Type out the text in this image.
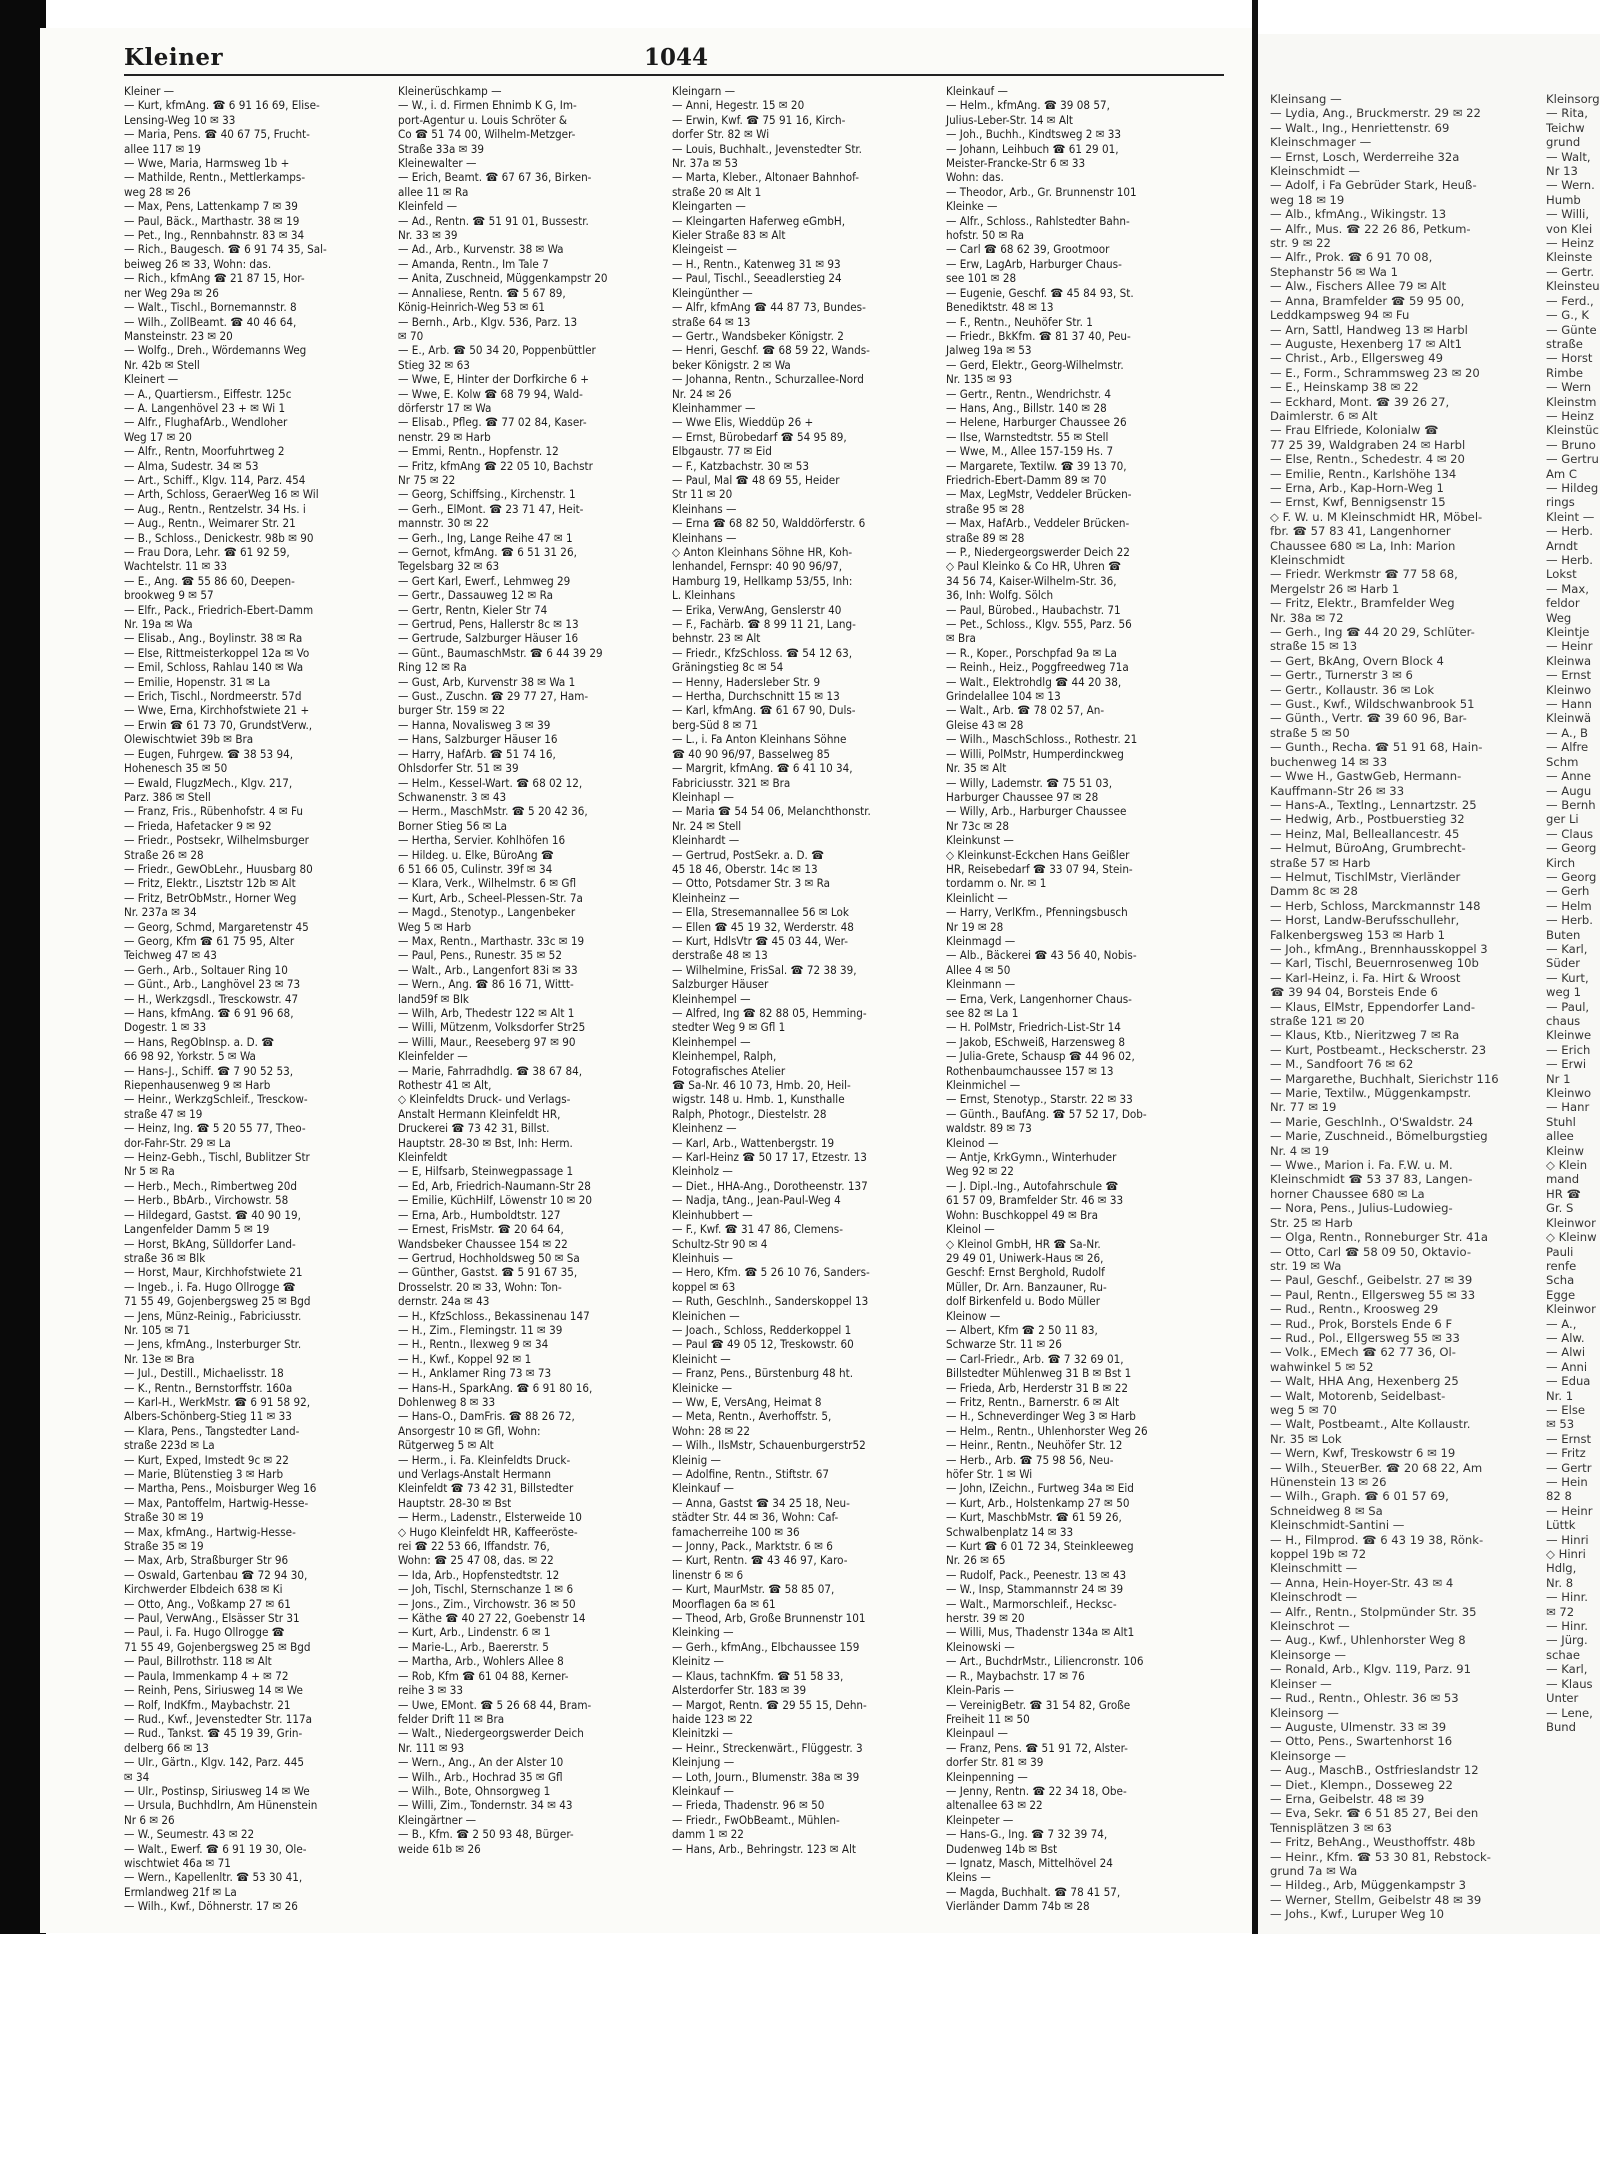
Kleiner	1044
Kleiner —
— Kurt, kfmAng. ☎ 6 91 16 69, Elise-
Lensing-Weg 10 ✉ 33
— Maria, Pens. ☎ 40 67 75, Frucht-
allee 117 ✉ 19
— Wwe, Maria, Harmsweg 1b +
— Mathilde, Rentn., Mettlerkamps-
weg 28 ✉ 26
— Max, Pens, Lattenkamp 7 ✉ 39
— Paul, Bäck., Marthastr. 38 ✉ 19
— Pet., Ing., Rennbahnstr. 83 ✉ 34
— Rich., Baugesch. ☎ 6 91 74 35, Sal-
beiweg 26 ✉ 33, Wohn: das.
— Rich., kfmAng ☎ 21 87 15, Hor-
ner Weg 29a ✉ 26
— Walt., Tischl., Bornemannstr. 8
— Wilh., ZollBeamt. ☎ 40 46 64,
Mansteinstr. 23 ✉ 20
— Wolfg., Dreh., Wördemanns Weg
Nr. 42b ✉ Stell
Kleinert —
— A., Quartiersm., Eiffestr. 125c
— A. Langenhövel 23 + ✉ Wi 1
— Alfr., FlughafArb., Wendloher
Weg 17 ✉ 20
— Alfr., Rentn, Moorfuhrtweg 2
— Alma, Sudestr. 34 ✉ 53
— Art., Schiff., Klgv. 114, Parz. 454
— Arth, Schloss, GeraerWeg 16 ✉ Wil
— Aug., Rentn., Rentzelstr. 34 Hs. i
— Aug., Rentn., Weimarer Str. 21
— B., Schloss., Denickestr. 98b ✉ 90
— Frau Dora, Lehr. ☎ 61 92 59,
Wachtelstr. 11 ✉ 33
— E., Ang. ☎ 55 86 60, Deepen-
brookweg 9 ✉ 57
— Elfr., Pack., Friedrich-Ebert-Damm
Nr. 19a ✉ Wa
— Elisab., Ang., Boylinstr. 38 ✉ Ra
— Else, Rittmeisterkoppel 12a ✉ Vo
— Emil, Schloss, Rahlau 140 ✉ Wa
— Emilie, Hopenstr. 31 ✉ La
— Erich, Tischl., Nordmeerstr. 57d
— Wwe, Erna, Kirchhofstwiete 21 +
— Erwin ☎ 61 73 70, GrundstVerw.,
Olewischtwiet 39b ✉ Bra
— Eugen, Fuhrgew. ☎ 38 53 94,
Hohenesch 35 ✉ 50
— Ewald, FlugzMech., Klgv. 217,
Parz. 386 ✉ Stell
— Franz, Fris., Rübenhofstr. 4 ✉ Fu
— Frieda, Hafetacker 9 ✉ 92
— Friedr., Postsekr, Wilhelmsburger
Straße 26 ✉ 28
— Friedr., GewObLehr., Huusbarg 80
— Fritz, Elektr., Lisztstr 12b ✉ Alt
— Fritz, BetrObMstr., Horner Weg
Nr. 237a ✉ 34
— Georg, Schmd, Margaretenstr 45
— Georg, Kfm ☎ 61 75 95, Alter
Teichweg 47 ✉ 43
— Gerh., Arb., Soltauer Ring 10
— Günt., Arb., Langhövel 23 ✉ 73
— H., Werkzgsdl., Tresckowstr. 47
— Hans, kfmAng. ☎ 6 91 96 68,
Dogestr. 1 ✉ 33
— Hans, RegObInsp. a. D. ☎
66 98 92, Yorkstr. 5 ✉ Wa
— Hans-J., Schiff. ☎ 7 90 52 53,
Riepenhausenweg 9 ✉ Harb
— Heinr., WerkzgSchleif., Tresckow-
straße 47 ✉ 19
— Heinz, Ing. ☎ 5 20 55 77, Theo-
dor-Fahr-Str. 29 ✉ La
— Heinz-Gebh., Tischl, Bublitzer Str
Nr 5 ✉ Ra
— Herb., Mech., Rimbertweg 20d
— Herb., BbArb., Virchowstr. 58
— Hildegard, Gastst. ☎ 40 90 19,
Langenfelder Damm 5 ✉ 19
— Horst, BkAng, Sülldorfer Land-
straße 36 ✉ Blk
— Horst, Maur, Kirchhofstwiete 21
— Ingeb., i. Fa. Hugo Ollrogge ☎
71 55 49, Gojenbergsweg 25 ✉ Bgd
— Jens, Münz-Reinig., Fabriciusstr.
Nr. 105 ✉ 71
— Jens, kfmAng., Insterburger Str.
Nr. 13e ✉ Bra
— Jul., Destill., Michaelisstr. 18
— K., Rentn., Bernstorffstr. 160a
— Karl-H., WerkMstr. ☎ 6 91 58 92,
Albers-Schönberg-Stieg 11 ✉ 33
— Klara, Pens., Tangstedter Land-
straße 223d ✉ La
— Kurt, Exped, Imstedt 9c ✉ 22
— Marie, Blütenstieg 3 ✉ Harb
— Martha, Pens., Moisburger Weg 16
— Max, Pantoffelm, Hartwig-Hesse-
Straße 30 ✉ 19
— Max, kfmAng., Hartwig-Hesse-
Straße 35 ✉ 19
— Max, Arb, Straßburger Str 96
— Oswald, Gartenbau ☎ 72 94 30,
Kirchwerder Elbdeich 638 ✉ Ki
— Otto, Ang., Voßkamp 27 ✉ 61
— Paul, VerwAng., Elsässer Str 31
— Paul, i. Fa. Hugo Ollrogge ☎
71 55 49, Gojenbergsweg 25 ✉ Bgd
— Paul, Billrothstr. 118 ✉ Alt
— Paula, Immenkamp 4 + ✉ 72
— Reinh, Pens, Siriusweg 14 ✉ We
— Rolf, IndKfm., Maybachstr. 21
— Rud., Kwf., Jevenstedter Str. 117a
— Rud., Tankst. ☎ 45 19 39, Grin-
delberg 66 ✉ 13
— Ulr., Gärtn., Klgv. 142, Parz. 445
✉ 34
— Ulr., Postinsp, Siriusweg 14 ✉ We
— Ursula, Buchhdlrn, Am Hünenstein
Nr 6 ✉ 26
— W., Seumestr. 43 ✉ 22
— Walt., Ewerf. ☎ 6 91 19 30, Ole-
wischtwiet 46a ✉ 71
— Wern., Kapellenltr. ☎ 53 30 41,
Ermlandweg 21f ✉ La
— Wilh., Kwf., Döhnerstr. 17 ✉ 26
Kleinerüschkamp —
— W., i. d. Firmen Ehnimb K G, Im-
port-Agentur u. Louis Schröter &
Co ☎ 51 74 00, Wilhelm-Metzger-
Straße 33a ✉ 39
Kleinewalter —
— Erich, Beamt. ☎ 67 67 36, Birken-
allee 11 ✉ Ra
Kleinfeld —
— Ad., Rentn. ☎ 51 91 01, Bussestr.
Nr. 33 ✉ 39
— Ad., Arb., Kurvenstr. 38 ✉ Wa
— Amanda, Rentn., Im Tale 7
— Anita, Zuschneid, Müggenkampstr 20
— Annaliese, Rentn. ☎ 5 67 89,
König-Heinrich-Weg 53 ✉ 61
— Bernh., Arb., Klgv. 536, Parz. 13
✉ 70
— E., Arb. ☎ 50 34 20, Poppenbüttler
Stieg 32 ✉ 63
— Wwe, E, Hinter der Dorfkirche 6 +
— Wwe, E. Kolw ☎ 68 79 94, Wald-
dörferstr 17 ✉ Wa
— Elisab., Pfleg. ☎ 77 02 84, Kaser-
nenstr. 29 ✉ Harb
— Emmi, Rentn., Hopfenstr. 12
— Fritz, kfmAng ☎ 22 05 10, Bachstr
Nr 75 ✉ 22
— Georg, Schiffsing., Kirchenstr. 1
— Gerh., ElMont. ☎ 23 71 47, Heit-
mannstr. 30 ✉ 22
— Gerh., Ing, Lange Reihe 47 ✉ 1
— Gernot, kfmAng. ☎ 6 51 31 26,
Tegelsbarg 32 ✉ 63
— Gert Karl, Ewerf., Lehmweg 29
— Gertr., Dassauweg 12 ✉ Ra
— Gertr, Rentn, Kieler Str 74
— Gertrud, Pens, Hallerstr 8c ✉ 13
— Gertrude, Salzburger Häuser 16
— Günt., BaumaschMstr. ☎ 6 44 39 29
Ring 12 ✉ Ra
— Gust, Arb, Kurvenstr 38 ✉ Wa 1
— Gust., Zuschn. ☎ 29 77 27, Ham-
burger Str. 159 ✉ 22
— Hanna, Novalisweg 3 ✉ 39
— Hans, Salzburger Häuser 16
— Harry, HafArb. ☎ 51 74 16,
Ohlsdorfer Str. 51 ✉ 39
— Helm., Kessel-Wart. ☎ 68 02 12,
Schwanenstr. 3 ✉ 43
— Herm., MaschMstr. ☎ 5 20 42 36,
Borner Stieg 56 ✉ La
— Hertha, Servier. Kohlhöfen 16
— Hildeg. u. Elke, BüroAng ☎
6 51 66 05, Culinstr. 39f ✉ 34
— Klara, Verk., Wilhelmstr. 6 ✉ Gfl
— Kurt, Arb., Scheel-Plessen-Str. 7a
— Magd., Stenotyp., Langenbeker
Weg 5 ✉ Harb
— Max, Rentn., Marthastr. 33c ✉ 19
— Paul, Pens., Runestr. 35 ✉ 52
— Walt., Arb., Langenfort 83i ✉ 33
— Wern., Ang. ☎ 86 16 71, Wittt-
land59f ✉ Blk
— Wilh, Arb, Thedestr 122 ✉ Alt 1
— Willi, Mützenm, Volksdorfer Str25
— Willi, Maur., Reeseberg 97 ✉ 90
Kleinfelder —
— Marie, Fahrradhdlg. ☎ 38 67 84,
Rothestr 41 ✉ Alt,
◇ Kleinfeldts Druck- und Verlags-
Anstalt Hermann Kleinfeldt HR,
Druckerei ☎ 73 42 31, Billst.
Hauptstr. 28-30 ✉ Bst, Inh: Herm.
Kleinfeldt
— E, Hilfsarb, Steinwegpassage 1
— Ed, Arb, Friedrich-Naumann-Str 28
— Emilie, KüchHilf, Löwenstr 10 ✉ 20
— Erna, Arb., Humboldtstr. 127
— Ernest, FrisMstr. ☎ 20 64 64,
Wandsbeker Chaussee 154 ✉ 22
— Gertrud, Hochholdsweg 50 ✉ Sa
— Günther, Gastst. ☎ 5 91 67 35,
Drosselstr. 20 ✉ 33, Wohn: Ton-
dernstr. 24a ✉ 43
— H., KfzSchloss., Bekassinenau 147
— H., Zim., Flemingstr. 11 ✉ 39
— H., Rentn., Ilexweg 9 ✉ 34
— H., Kwf., Koppel 92 ✉ 1
— H., Anklamer Ring 73 ✉ 73
— Hans-H., SparkAng. ☎ 6 91 80 16,
Dohlenweg 8 ✉ 33
— Hans-O., DamFris. ☎ 88 26 72,
Ansorgestr 10 ✉ Gfl, Wohn:
Rütgerweg 5 ✉ Alt
— Herm., i. Fa. Kleinfeldts Druck-
und Verlags-Anstalt Hermann
Kleinfeldt ☎ 73 42 31, Billstedter
Hauptstr. 28-30 ✉ Bst
— Herm., Ladenstr., Elsterweide 10
◇ Hugo Kleinfeldt HR, Kaffeeröste-
rei ☎ 22 53 66, Iffandstr. 76,
Wohn: ☎ 25 47 08, das. ✉ 22
— Ida, Arb., Hopfenstedtstr. 12
— Joh, Tischl, Sternschanze 1 ✉ 6
— Jons., Zim., Virchowstr. 36 ✉ 50
— Käthe ☎ 40 27 22, Goebenstr 14
— Kurt, Arb., Lindenstr. 6 ✉ 1
— Marie-L., Arb., Baererstr. 5
— Martha, Arb., Wohlers Allee 8
— Rob, Kfm ☎ 61 04 88, Kerner-
reihe 3 ✉ 33
— Uwe, EMont. ☎ 5 26 68 44, Bram-
felder Drift 11 ✉ Bra
— Walt., Niedergeorgswerder Deich
Nr. 111 ✉ 93
— Wern., Ang., An der Alster 10
— Wilh., Arb., Hochrad 35 ✉ Gfl
— Wilh., Bote, Ohnsorgweg 1
— Willi, Zim., Tondernstr. 34 ✉ 43
Kleingärtner —
— B., Kfm. ☎ 2 50 93 48, Bürger-
weide 61b ✉ 26
Kleingarn —
— Anni, Hegestr. 15 ✉ 20
— Erwin, Kwf. ☎ 75 91 16, Kirch-
dorfer Str. 82 ✉ Wi
— Louis, Buchhalt., Jevenstedter Str.
Nr. 37a ✉ 53
— Marta, Kleber., Altonaer Bahnhof-
straße 20 ✉ Alt 1
Kleingarten —
— Kleingarten Haferweg eGmbH,
Kieler Straße 83 ✉ Alt
Kleingeist —
— H., Rentn., Katenweg 31 ✉ 93
— Paul, Tischl., Seeadlerstieg 24
Kleingünther —
— Alfr, kfmAng ☎ 44 87 73, Bundes-
straße 64 ✉ 13
— Gertr., Wandsbeker Königstr. 2
— Henri, Geschf. ☎ 68 59 22, Wands-
beker Königstr. 2 ✉ Wa
— Johanna, Rentn., Schurzallee-Nord
Nr. 24 ✉ 26
Kleinhammer —
— Wwe Elis, Wieddüp 26 +
— Ernst, Bürobedarf ☎ 54 95 89,
Elbgaustr. 77 ✉ Eid
— F., Katzbachstr. 30 ✉ 53
— Paul, Mal ☎ 48 69 55, Heider
Str 11 ✉ 20
Kleinhans —
— Erna ☎ 68 82 50, Walddörferstr. 6
Kleinhans —
◇ Anton Kleinhans Söhne HR, Koh-
lenhandel, Fernspr: 40 90 96/97,
Hamburg 19, Hellkamp 53/55, Inh:
L. Kleinhans
— Erika, VerwAng, Genslerstr 40
— F., Fachärb. ☎ 8 99 11 21, Lang-
behnstr. 23 ✉ Alt
— Friedr., KfzSchloss. ☎ 54 12 63,
Gräningstieg 8c ✉ 54
— Henny, Hadersleber Str. 9
— Hertha, Durchschnitt 15 ✉ 13
— Karl, kfmAng. ☎ 61 67 90, Duls-
berg-Süd 8 ✉ 71
— L., i. Fa Anton Kleinhans Söhne
☎ 40 90 96/97, Basselweg 85
— Margrit, kfmAng. ☎ 6 41 10 34,
Fabriciusstr. 321 ✉ Bra
Kleinhapl —
— Maria ☎ 54 54 06, Melanchthonstr.
Nr. 24 ✉ Stell
Kleinhardt —
— Gertrud, PostSekr. a. D. ☎
45 18 46, Oberstr. 14c ✉ 13
— Otto, Potsdamer Str. 3 ✉ Ra
Kleinheinz —
— Ella, Stresemannallee 56 ✉ Lok
— Ellen ☎ 45 19 32, Werderstr. 48
— Kurt, HdlsVtr ☎ 45 03 44, Wer-
derstraße 48 ✉ 13
— Wilhelmine, FrisSal. ☎ 72 38 39,
Salzburger Häuser
Kleinhempel —
— Alfred, Ing ☎ 82 88 05, Hemming-
stedter Weg 9 ✉ Gfl 1
Kleinhempel —
Kleinhempel, Ralph,
Fotografisches Atelier
☎ Sa-Nr. 46 10 73, Hmb. 20, Heil-
wigstr. 148 u. Hmb. 1, Kunsthalle
Ralph, Photogr., Diestelstr. 28
Kleinhenz —
— Karl, Arb., Wattenbergstr. 19
— Karl-Heinz ☎ 50 17 17, Etzestr. 13
Kleinholz —
— Diet., HHA-Ang., Dorotheenstr. 137
— Nadja, tAng., Jean-Paul-Weg 4
Kleinhubbert —
— F., Kwf. ☎ 31 47 86, Clemens-
Schultz-Str 90 ✉ 4
Kleinhuis —
— Hero, Kfm. ☎ 5 26 10 76, Sanders-
koppel ✉ 63
— Ruth, Geschlnh., Sanderskoppel 13
Kleinichen —
— Joach., Schloss, Redderkoppel 1
— Paul ☎ 49 05 12, Treskowstr. 60
Kleinicht —
— Franz, Pens., Bürstenburg 48 ht.
Kleinicke —
— Ww, E, VersAng, Heimat 8
— Meta, Rentn., Averhoffstr. 5,
Wohn: 28 ✉ 22
— Wilh., IlsMstr, Schauenburgerstr52
Kleinig —
— Adolfine, Rentn., Stiftstr. 67
Kleinkauf —
— Anna, Gastst ☎ 34 25 18, Neu-
städter Str. 44 ✉ 36, Wohn: Caf-
famacherreihe 100 ✉ 36
— Jonny, Pack., Marktstr. 6 ✉ 6
— Kurt, Rentn. ☎ 43 46 97, Karo-
linenstr 6 ✉ 6
— Kurt, MaurMstr. ☎ 58 85 07,
Moorflagen 6a ✉ 61
— Theod, Arb, Große Brunnenstr 101
Kleinking —
— Gerh., kfmAng., Elbchaussee 159
Kleinitz —
— Klaus, tachnKfm. ☎ 51 58 33,
Alsterdorfer Str. 183 ✉ 39
— Margot, Rentn. ☎ 29 55 15, Dehn-
haide 123 ✉ 22
Kleinitzki —
— Heinr., Streckenwärt., Flüggestr. 3
Kleinjung —
— Loth, Journ., Blumenstr. 38a ✉ 39
Kleinkauf —
— Frieda, Thadenstr. 96 ✉ 50
— Friedr., FwObBeamt., Mühlen-
damm 1 ✉ 22
— Hans, Arb., Behringstr. 123 ✉ Alt
Kleinkauf —
— Helm., kfmAng. ☎ 39 08 57,
Julius-Leber-Str. 14 ✉ Alt
— Joh., Buchh., Kindtsweg 2 ✉ 33
— Johann, Leihbuch ☎ 61 29 01,
Meister-Francke-Str 6 ✉ 33
Wohn: das.
— Theodor, Arb., Gr. Brunnenstr 101
Kleinke —
— Alfr., Schloss., Rahlstedter Bahn-
hofstr. 50 ✉ Ra
— Carl ☎ 68 62 39, Grootmoor
— Erw, LagArb, Harburger Chaus-
see 101 ✉ 28
— Eugenie, Geschf. ☎ 45 84 93, St.
Benediktstr. 48 ✉ 13
— F., Rentn., Neuhöfer Str. 1
— Friedr., BkKfm. ☎ 81 37 40, Peu-
Jalweg 19a ✉ 53
— Gerd, Elektr., Georg-Wilhelmstr.
Nr. 135 ✉ 93
— Gertr., Rentn., Wendrichstr. 4
— Hans, Ang., Billstr. 140 ✉ 28
— Helene, Harburger Chaussee 26
— Ilse, Warnstedtstr. 55 ✉ Stell
— Wwe, M., Allee 157-159 Hs. 7
— Margarete, Textilw. ☎ 39 13 70,
Friedrich-Ebert-Damm 89 ✉ 70
— Max, LegMstr, Veddeler Brücken-
straße 95 ✉ 28
— Max, HafArb., Veddeler Brücken-
straße 89 ✉ 28
— P., Niedergeorgswerder Deich 22
◇ Paul Kleinko & Co HR, Uhren ☎
34 56 74, Kaiser-Wilhelm-Str. 36,
36, Inh: Wolfg. Sölch
— Paul, Bürobed., Haubachstr. 71
— Pet., Schloss., Klgv. 555, Parz. 56
✉ Bra
— R., Koper., Porschpfad 9a ✉ La
— Reinh., Heiz., Poggfreedweg 71a
— Walt., Elektrohdlg ☎ 44 20 38,
Grindelallee 104 ✉ 13
— Walt., Arb. ☎ 78 02 57, An-
Gleise 43 ✉ 28
— Wilh., MaschSchloss., Rothestr. 21
— Willi, PolMstr, Humperdinckweg
Nr. 35 ✉ Alt
— Willy, Lademstr. ☎ 75 51 03,
Harburger Chaussee 97 ✉ 28
— Willy, Arb., Harburger Chaussee
Nr 73c ✉ 28
Kleinkunst —
◇ Kleinkunst-Eckchen Hans Geißler
HR, Reisebedarf ☎ 33 07 94, Stein-
tordamm o. Nr. ✉ 1
Kleinlicht —
— Harry, VerlKfm., Pfenningsbusch
Nr 19 ✉ 28
Kleinmagd —
— Alb., Bäckerei ☎ 43 56 40, Nobis-
Allee 4 ✉ 50
Kleinmann —
— Erna, Verk, Langenhorner Chaus-
see 82 ✉ La 1
— H. PolMstr, Friedrich-List-Str 14
— Jakob, ESchweiß, Harzensweg 8
— Julia-Grete, Schausp ☎ 44 96 02,
Rothenbaumchaussee 157 ✉ 13
Kleinmichel —
— Ernst, Stenotyp., Starstr. 22 ✉ 33
— Günth., BaufAng. ☎ 57 52 17, Dob-
waldstr. 89 ✉ 73
Kleinod —
— Antje, KrkGymn., Winterhuder
Weg 92 ✉ 22
— J. Dipl.-Ing., Autofahrschule ☎
61 57 09, Bramfelder Str. 46 ✉ 33
Wohn: Buschkoppel 49 ✉ Bra
Kleinol —
◇ Kleinol GmbH, HR ☎ Sa-Nr.
29 49 01, Uniwerk-Haus ✉ 26,
Geschf: Ernst Berghold, Rudolf
Müller, Dr. Arn. Banzauner, Ru-
dolf Birkenfeld u. Bodo Müller
Kleinow —
— Albert, Kfm ☎ 2 50 11 83,
Schwarze Str. 11 ✉ 26
— Carl-Friedr., Arb. ☎ 7 32 69 01,
Billstedter Mühlenweg 31 B ✉ Bst 1
— Frieda, Arb, Herderstr 31 B ✉ 22
— Fritz, Rentn., Barnerstr. 6 ✉ Alt
— H., Schneverdinger Weg 3 ✉ Harb
— Helm., Rentn., Uhlenhorster Weg 26
— Heinr., Rentn., Neuhöfer Str. 12
— Herb., Arb. ☎ 75 98 56, Neu-
höfer Str. 1 ✉ Wi
— John, IZeichn., Furtweg 34a ✉ Eid
— Kurt, Arb., Holstenkamp 27 ✉ 50
— Kurt, MaschbMstr. ☎ 61 59 26,
Schwalbenplatz 14 ✉ 33
— Kurt ☎ 6 01 72 34, Steinkleeweg
Nr. 26 ✉ 65
— Rudolf, Pack., Peenestr. 13 ✉ 43
— W., Insp, Stammannstr 24 ✉ 39
— Walt., Marmorschleif., Hecksc-
herstr. 39 ✉ 20
— Willi, Mus, Thadenstr 134a ✉ Alt1
Kleinowski —
— Art., BuchdrMstr., Liliencronstr. 106
— R., Maybachstr. 17 ✉ 76
Klein-Paris —
— VereinigBetr. ☎ 31 54 82, Große
Freiheit 11 ✉ 50
Kleinpaul —
— Franz, Pens. ☎ 51 91 72, Alster-
dorfer Str. 81 ✉ 39
Kleinpenning —
— Jenny, Rentn. ☎ 22 34 18, Obe-
altenallee 63 ✉ 22
Kleinpeter —
— Hans-G., Ing. ☎ 7 32 39 74,
Dudenweg 14b ✉ Bst
— Ignatz, Masch, Mittelhövel 24
Kleins —
— Magda, Buchhalt. ☎ 78 41 57,
Vierländer Damm 74b ✉ 28
Kleinsang —
— Lydia, Ang., Bruckmerstr. 29 ✉ 22
— Walt., Ing., Henriettenstr. 69
Kleinschmager —
— Ernst, Losch, Werderreihe 32a
Kleinschmidt —
— Adolf, i Fa Gebrüder Stark, Heuß-
weg 18 ✉ 19
— Alb., kfmAng., Wikingstr. 13
— Alfr., Mus. ☎ 22 26 86, Petkum-
str. 9 ✉ 22
— Alfr., Prok. ☎ 6 91 70 08,
Stephanstr 56 ✉ Wa 1
— Alw., Fischers Allee 79 ✉ Alt
— Anna, Bramfelder ☎ 59 95 00,
Leddkampsweg 94 ✉ Fu
— Arn, Sattl, Handweg 13 ✉ Harbl
— Auguste, Hexenberg 17 ✉ Alt1
— Christ., Arb., Ellgersweg 49
— E., Form., Schrammsweg 23 ✉ 20
— E., Heinskamp 38 ✉ 22
— Eckhard, Mont. ☎ 39 26 27,
Daimlerstr. 6 ✉ Alt
— Frau Elfriede, Kolonialw ☎
77 25 39, Waldgraben 24 ✉ Harbl
— Else, Rentn., Schedestr. 4 ✉ 20
— Emilie, Rentn., Karlshöhe 134
— Erna, Arb., Kap-Horn-Weg 1
— Ernst, Kwf, Bennigsenstr 15
◇ F. W. u. M Kleinschmidt HR, Möbel-
fbr. ☎ 57 83 41, Langenhorner
Chaussee 680 ✉ La, Inh: Marion
Kleinschmidt
— Friedr. Werkmstr ☎ 77 58 68,
Mergelstr 26 ✉ Harb 1
— Fritz, Elektr., Bramfelder Weg
Nr. 38a ✉ 72
— Gerh., Ing ☎ 44 20 29, Schlüter-
straße 15 ✉ 13
— Gert, BkAng, Overn Block 4
— Gertr., Turnerstr 3 ✉ 6
— Gertr., Kollaustr. 36 ✉ Lok
— Gust., Kwf., Wildschwanbrook 51
— Günth., Vertr. ☎ 39 60 96, Bar-
straße 5 ✉ 50
— Gunth., Recha. ☎ 51 91 68, Hain-
buchenweg 14 ✉ 33
— Wwe H., GastwGeb, Hermann-
Kauffmann-Str 26 ✉ 33
— Hans-A., Textlng., Lennartzstr. 25
— Hedwig, Arb., Postbuerstieg 32
— Heinz, Mal, Belleallancestr. 45
— Helmut, BüroAng, Grumbrecht-
straße 57 ✉ Harb
— Helmut, TischlMstr, Vierländer
Damm 8c ✉ 28
— Herb, Schloss, Marckmannstr 148
— Horst, Landw-Berufsschullehr,
Falkenbergsweg 153 ✉ Harb 1
— Joh., kfmAng., Brennhausskoppel 3
— Karl, Tischl, Beuernrosenweg 10b
— Karl-Heinz, i. Fa. Hirt & Wroost
☎ 39 94 04, Borsteis Ende 6
— Klaus, ElMstr, Eppendorfer Land-
straße 121 ✉ 20
— Klaus, Ktb., Nieritzweg 7 ✉ Ra
— Kurt, Postbeamt., Heckscherstr. 23
— M., Sandfoort 76 ✉ 62
— Margarethe, Buchhalt, Sierichstr 116
— Marie, Textilw., Müggenkampstr.
Nr. 77 ✉ 19
— Marie, Geschlnh., O'Swaldstr. 24
— Marie, Zuschneid., Bömelburgstieg
Nr. 4 ✉ 19
— Wwe., Marion i. Fa. F.W. u. M.
Kleinschmidt ☎ 53 37 83, Langen-
horner Chaussee 680 ✉ La
— Nora, Pens., Julius-Ludowieg-
Str. 25 ✉ Harb
— Olga, Rentn., Ronneburger Str. 41a
— Otto, Carl ☎ 58 09 50, Oktavio-
str. 19 ✉ Wa
— Paul, Geschf., Geibelstr. 27 ✉ 39
— Paul, Rentn., Ellgersweg 55 ✉ 33
— Rud., Rentn., Kroosweg 29
— Rud., Prok, Borstels Ende 6 F
— Rud., Pol., Ellgersweg 55 ✉ 33
— Volk., EMech ☎ 62 77 36, Ol-
wahwinkel 5 ✉ 52
— Walt, HHA Ang, Hexenberg 25
— Walt, Motorenb, Seidelbast-
weg 5 ✉ 70
— Walt, Postbeamt., Alte Kollaustr.
Nr. 35 ✉ Lok
— Wern, Kwf, Treskowstr 6 ✉ 19
— Wilh., SteuerBer. ☎ 20 68 22, Am
Hünenstein 13 ✉ 26
— Wilh., Graph. ☎ 6 01 57 69,
Schneidweg 8 ✉ Sa
Kleinschmidt-Santini —
— H., Filmprod. ☎ 6 43 19 38, Rönk-
koppel 19b ✉ 72
Kleinschmitt —
— Anna, Hein-Hoyer-Str. 43 ✉ 4
Kleinschrodt —
— Alfr., Rentn., Stolpmünder Str. 35
Kleinschrot —
— Aug., Kwf., Uhlenhorster Weg 8
Kleinsorge —
— Ronald, Arb., Klgv. 119, Parz. 91
Kleinser —
— Rud., Rentn., Ohlestr. 36 ✉ 53
Kleinsorg —
— Auguste, Ulmenstr. 33 ✉ 39
— Otto, Pens., Swartenhorst 16
Kleinsorge —
— Aug., MaschB., Ostfrieslandstr 12
— Diet., Klempn., Dosseweg 22
— Erna, Geibelstr. 48 ✉ 39
— Eva, Sekr. ☎ 6 51 85 27, Bei den
Tennisplätzen 3 ✉ 63
— Fritz, BehAng., Weusthoffstr. 48b
— Heinr., Kfm. ☎ 53 30 81, Rebstock-
grund 7a ✉ Wa
— Hildeg., Arb, Müggenkampstr 3
— Werner, Stellm, Geibelstr 48 ✉ 39
— Johs., Kwf., Luruper Weg 10
Kleinsorg
— Rita,
Teichw
grund
— Walt,
Nr 13
— Wern.
Humb
— Willi,
von Klei
— Heinz
Kleinste
— Gertr.
Kleinsteu
— Ferd.,
— G., K
— Günte
straße
— Horst
Rimbe
— Wern
Kleinstm
— Heinz
Kleinstüc
— Bruno
— Gertru
Am C
— Hildeg
rings
Kleint —
— Herb.
Arndt
— Herb.
Lokst
— Max,
feldor
Weg
Kleintje
— Heinr
Kleinwa
— Ernst
Kleinwo
— Hann
Kleinwä
— A., B
— Alfre
Schm
— Anne
— Augu
— Bernh
ger Li
— Claus
— Georg
Kirch
— Georg
— Gerh
— Helm
— Herb.
Buten
— Karl,
Süder
— Kurt,
weg 1
— Paul,
chaus
Kleinwe
— Erich
— Erwi
Nr 1
Kleinwo
— Hanr
Stuhl
allee
Kleinw
◇ Klein
mand
HR ☎
Gr. S
Kleinwor
◇ Kleinw
Pauli
renfe
Scha
Egge
Kleinwor
— A.,
— Alw.
— Alwi
— Anni
— Edua
Nr. 1
— Else
✉ 53
— Ernst
— Fritz
— Gertr
— Hein
82 8
— Heinr
Lüttk
— Hinri
◇ Hinri
Hdlg,
Nr. 8
— Hinr.
✉ 72
— Hinr.
— Jürg.
schae
— Karl,
— Klaus
Unter
— Lene,
Bund
